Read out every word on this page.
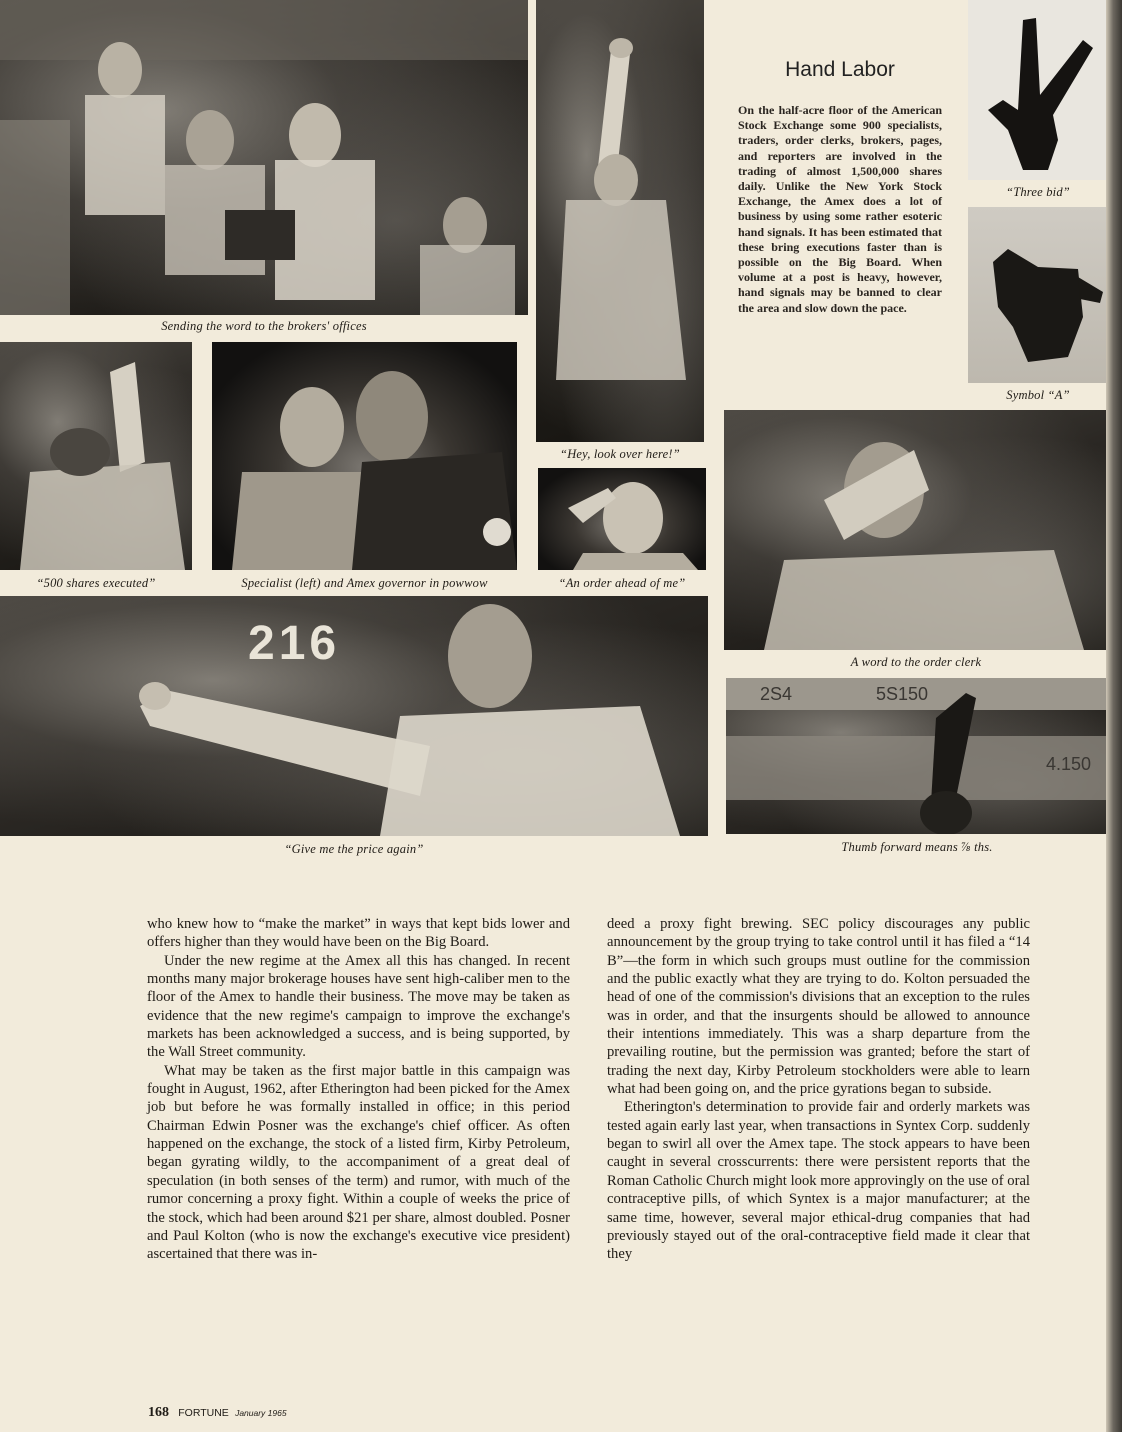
Sending the word to the brokers' offices
“Hey, look over here!”
Hand Labor
On the half-acre floor of the American Stock Exchange some 900 specialists, traders, order clerks, brokers, pages, and reporters are involved in the trading of almost 1,500,000 shares daily. Unlike the New York Stock Exchange, the Amex does a lot of business by using some rather esoteric hand signals. It has been estimated that these bring executions faster than is possible on the Big Board. When volume at a post is heavy, however, hand signals may be banned to clear the area and slow down the pace.
“Three bid”
Symbol “A”
“500 shares executed”	Specialist (left) and Amex governor in powwow	“An order ahead of me”
A word to the order clerk
216
“Give me the price again”
2S4	5S150
4.150
Thumb forward means ⅞ ths.

who knew how to “make the market” in ways that kept bids lower and offers higher than they would have been on the Big Board.

Under the new regime at the Amex all this has changed. In recent months many major brokerage houses have sent high-caliber men to the floor of the Amex to handle their business. The move may be taken as evidence that the new regime's campaign to improve the exchange's markets has been acknowledged a success, and is being supported, by the Wall Street community.

What may be taken as the first major battle in this campaign was fought in August, 1962, after Etherington had been picked for the Amex job but before he was formally installed in office; in this period Chairman Edwin Posner was the exchange's chief officer. As often happened on the exchange, the stock of a listed firm, Kirby Petroleum, began gyrating wildly, to the accompaniment of a great deal of speculation (in both senses of the term) and rumor, with much of the rumor concerning a proxy fight. Within a couple of weeks the price of the stock, which had been around $21 per share, almost doubled. Posner and Paul Kolton (who is now the exchange's executive vice president) ascertained that there was in-

deed a proxy fight brewing. SEC policy discourages any public announcement by the group trying to take control until it has filed a “14 B”—the form in which such groups must outline for the commission and the public exactly what they are trying to do. Kolton persuaded the head of one of the commission's divisions that an exception to the rules was in order, and that the insurgents should be allowed to announce their intentions immediately. This was a sharp departure from the prevailing routine, but the permission was granted; before the start of trading the next day, Kirby Petroleum stockholders were able to learn what had been going on, and the price gyrations began to subside.

Etherington's determination to provide fair and orderly markets was tested again early last year, when transactions in Syntex Corp. suddenly began to swirl all over the Amex tape. The stock appears to have been caught in several crosscurrents: there were persistent reports that the Roman Catholic Church might look more approvingly on the use of oral contraceptive pills, of which Syntex is a major manufacturer; at the same time, however, several major ethical-drug companies that had previously stayed out of the oral-contraceptive field made it clear that they

168 FORTUNE January 1965
